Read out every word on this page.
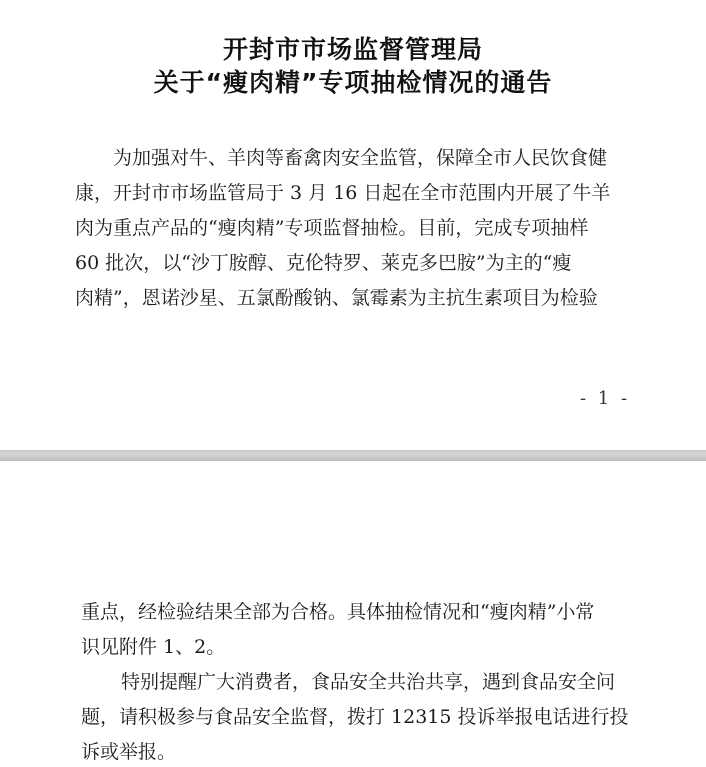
开封市市场监督管理局
关于“瘦肉精”专项抽检情况的通告
为加强对牛、羊肉等畜禽肉安全监管，保障全市人民饮食健
康，开封市市场监管局于 3 月 16 日起在全市范围内开展了牛羊
肉为重点产品的“瘦肉精”专项监督抽检。目前，完成专项抽样
60 批次，以“沙丁胺醇、克伦特罗、莱克多巴胺”为主的“瘦
肉精”，恩诺沙星、五氯酚酸钠、氯霉素为主抗生素项目为检验
- 1 -
重点，经检验结果全部为合格。具体抽检情况和“瘦肉精”小常
识见附件 1、2。
特别提醒广大消费者，食品安全共治共享，遇到食品安全问
题，请积极参与食品安全监督，拨打 12315 投诉举报电话进行投
诉或举报。
